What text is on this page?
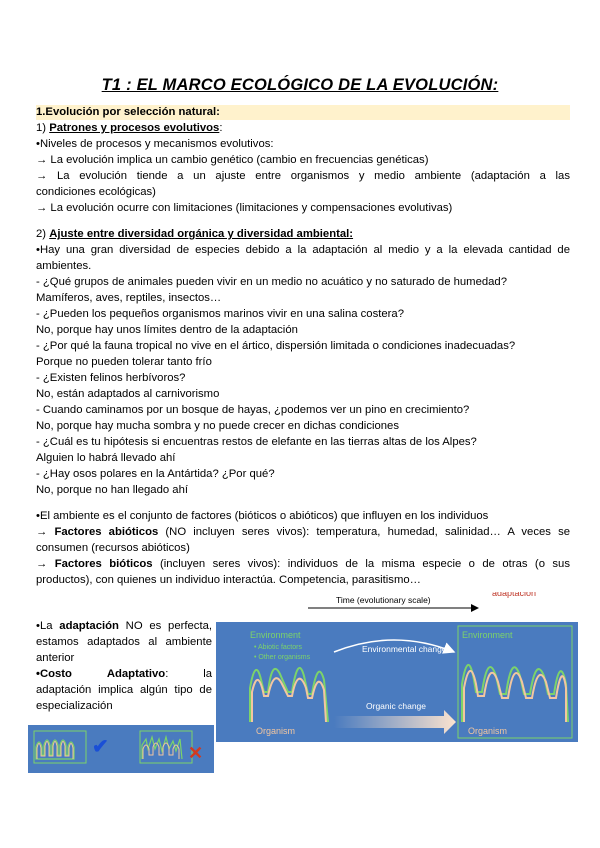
T1 : EL MARCO ECOLÓGICO DE LA EVOLUCIÓN:
1.Evolución por selección natural:
1) Patrones y procesos evolutivos:
•Niveles de procesos y mecanismos evolutivos:
→ La evolución implica un cambio genético (cambio en frecuencias genéticas)
→ La evolución tiende a un ajuste entre organismos y medio ambiente (adaptación a las
condiciones ecológicas)
→ La evolución ocurre con limitaciones (limitaciones y compensaciones evolutivas)
2) Ajuste entre diversidad orgánica y diversidad ambiental:
•Hay una gran diversidad de especies debido a la adaptación al medio y a la elevada cantidad de
ambientes.
- ¿Qué grupos de animales pueden vivir en un medio no acuático y no saturado de humedad?
Mamíferos, aves, reptiles, insectos…
- ¿Pueden los pequeños organismos marinos vivir en una salina costera?
No, porque hay unos límites dentro de la adaptación
- ¿Por qué la fauna tropical no vive en el ártico, dispersión limitada o condiciones inadecuadas?
Porque no pueden tolerar tanto frío
- ¿Existen felinos herbívoros?
No, están adaptados al carnivorismo
- Cuando caminamos por un bosque de hayas, ¿podemos ver un pino en crecimiento?
No, porque hay mucha sombra y no puede crecer en dichas condiciones
- ¿Cuál es tu hipótesis si encuentras restos de elefante en las tierras altas de los Alpes?
Alguien lo habrá llevado ahí
- ¿Hay osos polares en la Antártida? ¿Por qué?
No, porque no han llegado ahí
•El ambiente es el conjunto de factores (bióticos o abióticos) que influyen en los individuos
→ Factores abióticos (NO incluyen seres vivos): temperatura, humedad, salinidad… A veces se
consumen (recursos abióticos)
→ Factores bióticos (incluyen seres vivos): individuos de la misma especie o de otras (o sus
productos), con quienes un individuo interactúa. Competencia, parasitismo…
•La adaptación NO es perfecta,
estamos adaptados al ambiente
anterior
•Costo	Adaptativo:	la
adaptación implica algún tipo de
especialización
✔	✕
Time (evolutionary scale)
adaptación
Environment
• Abiotic factors
• Other organisms
Organism
Environmental change
Organic change
Environment
Organism
